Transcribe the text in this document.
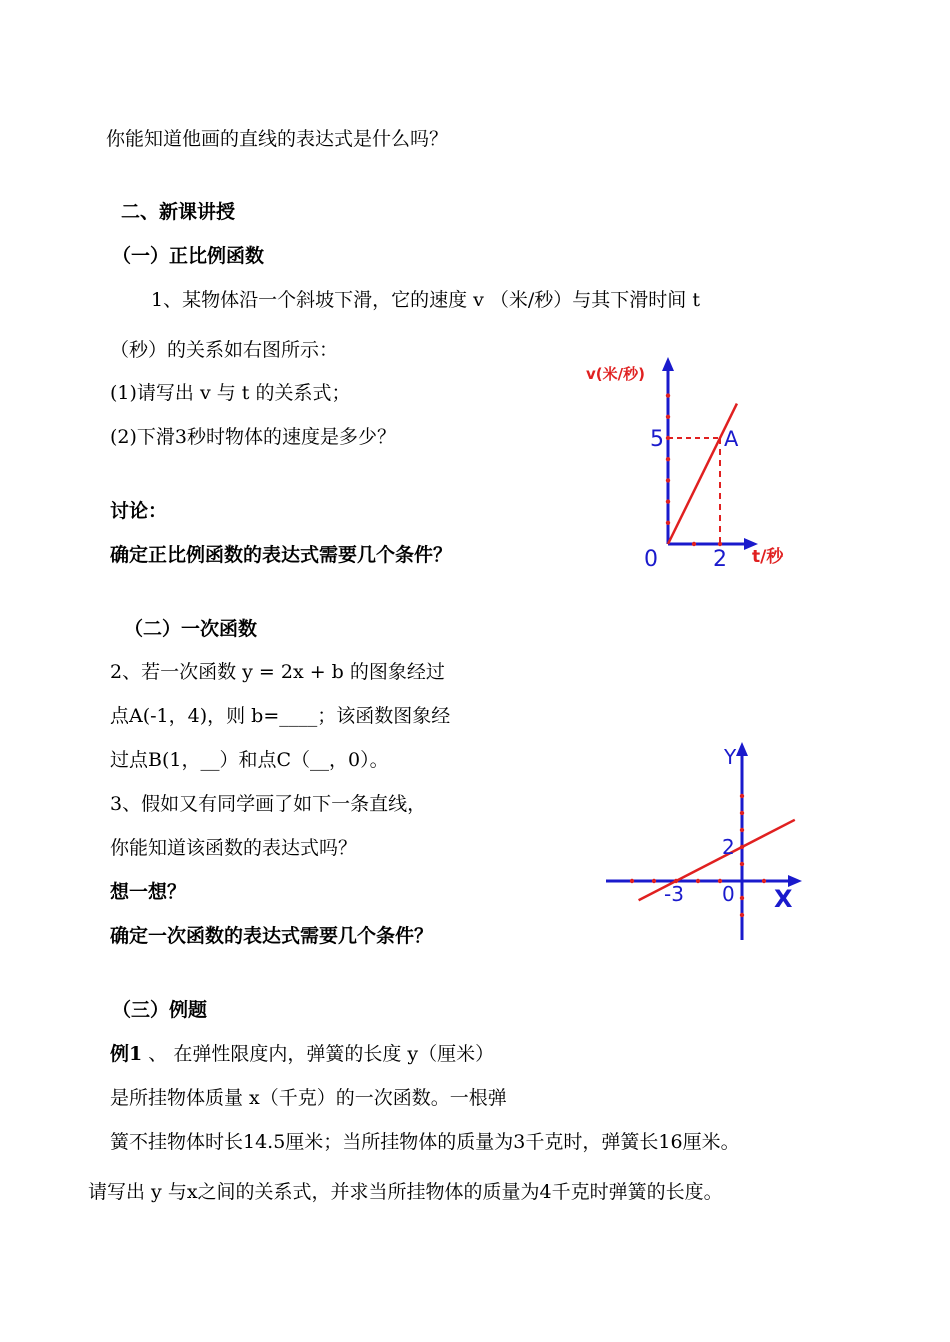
你能知道他画的直线的表达式是什么吗？
二、新课讲授
（一）正比例函数
1、某物体沿一个斜坡下滑，它的速度 v （米/秒）与其下滑时间 t
（秒）的关系如右图所示：
(1)请写出 v 与 t 的关系式；
(2)下滑3秒时物体的速度是多少？
讨论：
确定正比例函数的表达式需要几个条件？
（二）一次函数
2、若一次函数 y = 2x + b 的图象经过
点A(-1，4)，则 b=____；该函数图象经
过点B(1，__）和点C（__，0）。
3、假如又有同学画了如下一条直线，
你能知道该函数的表达式吗？
想一想？
确定一次函数的表达式需要几个条件？
（三）例题
例1 、 在弹性限度内，弹簧的长度 y（厘米）
是所挂物体质量 x（千克）的一次函数。一根弹
簧不挂物体时长14.5厘米；当所挂物体的质量为3千克时，弹簧长16厘米。
请写出 y 与x之间的关系式，并求当所挂物体的质量为4千克时弹簧的长度。
v(米/秒)
5	A
0	2 t/秒
Y
2
-3 0 X
